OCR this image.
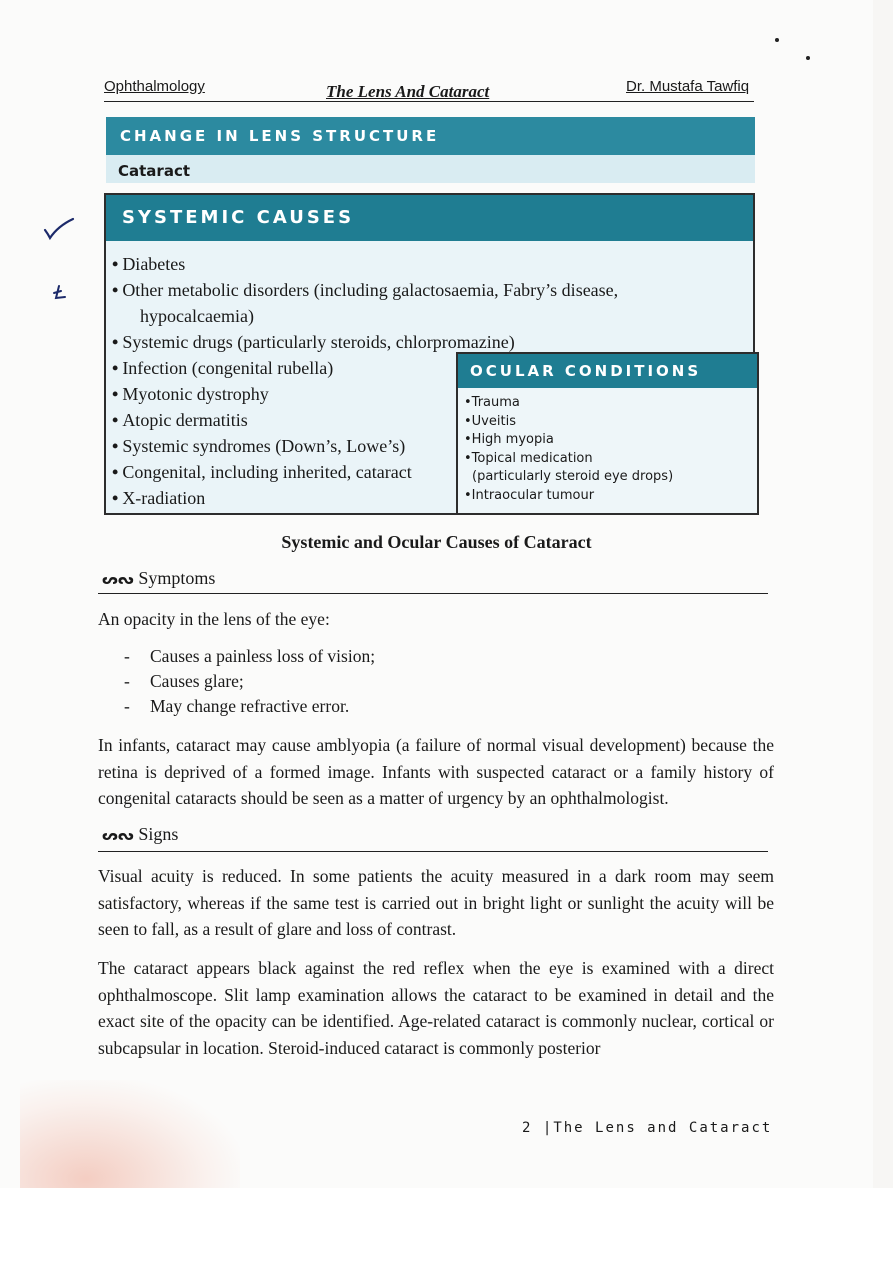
Ophthalmology	The Lens And Cataract	Dr. Mustafa Tawfiq
CHANGE IN LENS STRUCTURE
Cataract
SYSTEMIC CAUSES
• Diabetes
• Other metabolic disorders (including galactosaemia, Fabry’s disease,
hypocalcaemia)
• Systemic drugs (particularly steroids, chlorpromazine)
• Infection (congenital rubella)
• Myotonic dystrophy
• Atopic dermatitis
• Systemic syndromes (Down’s, Lowe’s)
• Congenital, including inherited, cataract
• X-radiation
OCULAR CONDITIONS
•Trauma
•Uveitis
•High myopia
•Topical medication
(particularly steroid eye drops)
•Intraocular tumour
Systemic and Ocular Causes of Cataract
ᔕᔓ Symptoms
An opacity in the lens of the eye:
- Causes a painless loss of vision;
- Causes glare;
- May change refractive error.
In infants, cataract may cause amblyopia (a failure of normal visual development) because the retina is deprived of a formed image. Infants with suspected cataract or a family history of congenital cataracts should be seen as a matter of urgency by an ophthalmologist.
ᔕᔓ Signs
Visual acuity is reduced. In some patients the acuity measured in a dark room may seem satisfactory, whereas if the same test is carried out in bright light or sunlight the acuity will be seen to fall, as a result of glare and loss of contrast.
The cataract appears black against the red reflex when the eye is examined with a direct ophthalmoscope. Slit lamp examination allows the cataract to be examined in detail and the exact site of the opacity can be identified. Age-related cataract is commonly nuclear, cortical or subcapsular in location. Steroid-induced cataract is commonly posterior
2 |The Lens and Cataract
